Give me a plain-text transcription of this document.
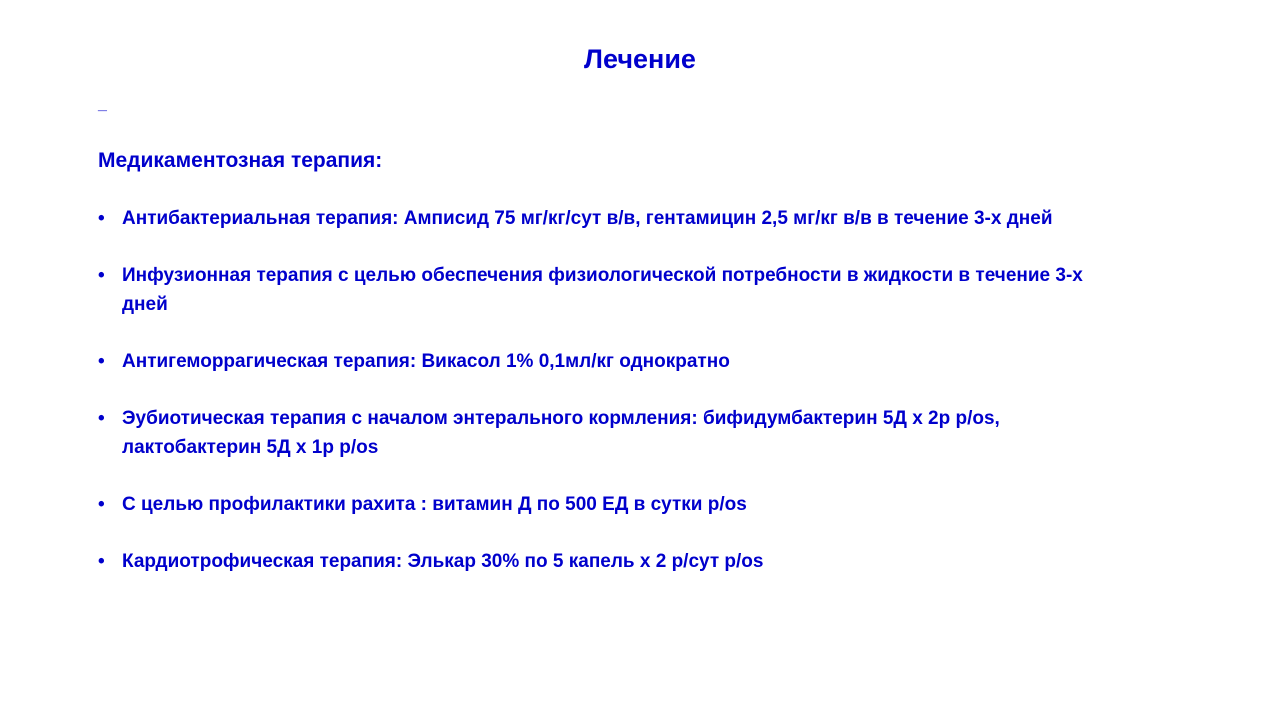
Лечение
_
Медикаментозная терапия:
• Антибактериальная терапия: Амписид 75 мг/кг/сут в/в, гентамицин 2,5 мг/кг в/в в течение 3-х дней
• Инфузионная терапия с целью обеспечения физиологической потребности в жидкости в течение 3-х дней
• Антигеморрагическая терапия: Викасол 1% 0,1мл/кг однократно
• Эубиотическая терапия с началом энтерального кормления: бифидумбактерин 5Д х 2р р/os, лактобактерин 5Д х 1р р/os
• С целью профилактики рахита : витамин Д по 500 ЕД в сутки р/os
• Кардиотрофическая терапия: Элькар 30% по 5 капель х 2 р/сут р/os
